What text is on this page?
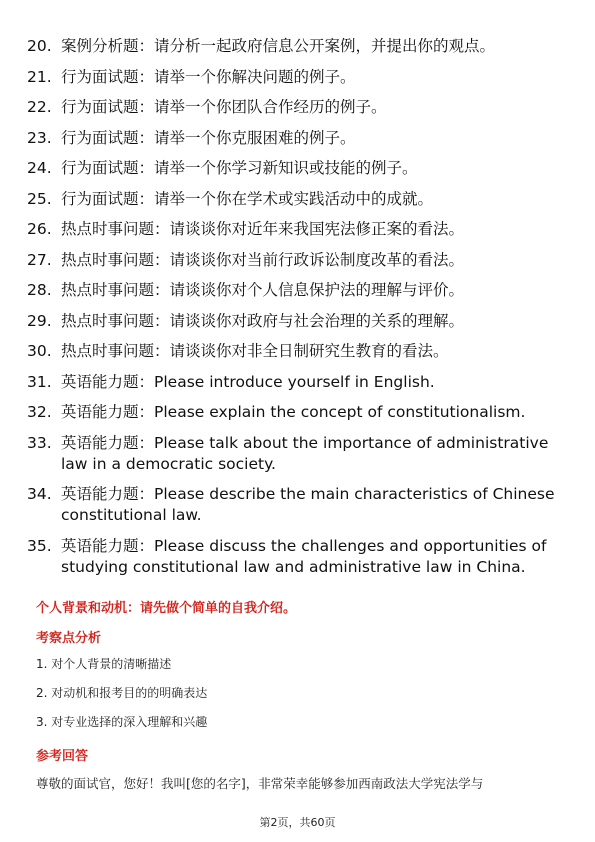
20. 案例分析题：请分析一起政府信息公开案例，并提出你的观点。
21. 行为面试题：请举一个你解决问题的例子。
22. 行为面试题：请举一个你团队合作经历的例子。
23. 行为面试题：请举一个你克服困难的例子。
24. 行为面试题：请举一个你学习新知识或技能的例子。
25. 行为面试题：请举一个你在学术或实践活动中的成就。
26. 热点时事问题：请谈谈你对近年来我国宪法修正案的看法。
27. 热点时事问题：请谈谈你对当前行政诉讼制度改革的看法。
28. 热点时事问题：请谈谈你对个人信息保护法的理解与评价。
29. 热点时事问题：请谈谈你对政府与社会治理的关系的理解。
30. 热点时事问题：请谈谈你对非全日制研究生教育的看法。
31. 英语能力题：Please introduce yourself in English.
32. 英语能力题：Please explain the concept of constitutionalism.
33. 英语能力题：Please talk about the importance of administrative law in a democratic society.
34. 英语能力题：Please describe the main characteristics of Chinese constitutional law.
35. 英语能力题：Please discuss the challenges and opportunities of studying constitutional law and administrative law in China.
个人背景和动机：请先做个简单的自我介绍。
考察点分析
1. 对个人背景的清晰描述
2. 对动机和报考目的的明确表达
3. 对专业选择的深入理解和兴趣
参考回答
尊敬的面试官，您好！我叫[您的名字]，非常荣幸能够参加西南政法大学宪法学与
第2页，共60页
